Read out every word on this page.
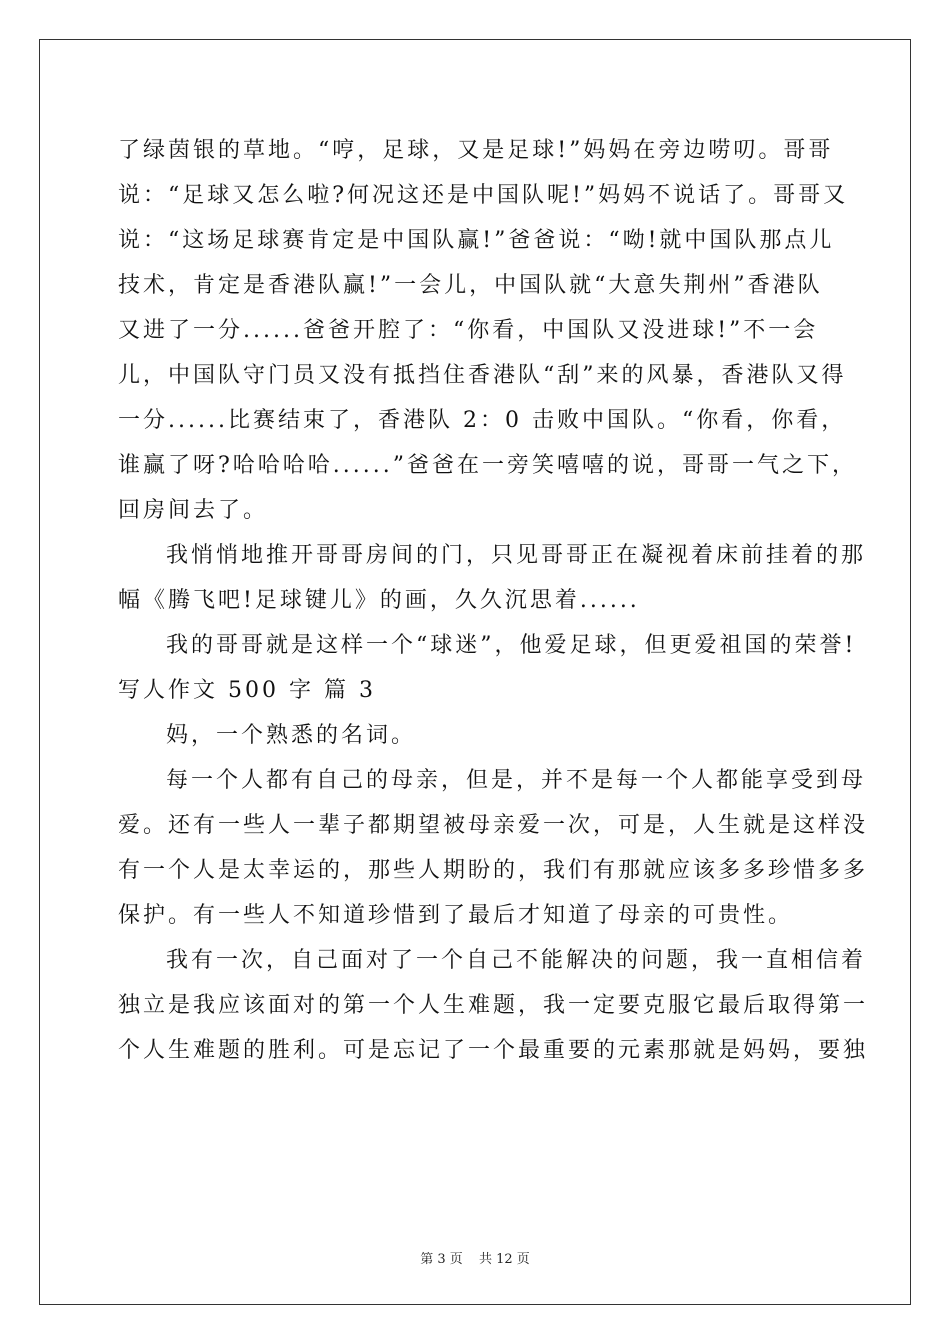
了绿茵银的草地。“哼，足球，又是足球!”妈妈在旁边唠叨。哥哥
说：“足球又怎么啦?何况这还是中国队呢!”妈妈不说话了。哥哥又
说：“这场足球赛肯定是中国队赢!”爸爸说：“呦!就中国队那点儿
技术，肯定是香港队赢!”一会儿，中国队就“大意失荆州”香港队
又进了一分......爸爸开腔了：“你看，中国队又没进球!”不一会
儿，中国队守门员又没有抵挡住香港队“刮”来的风暴，香港队又得
一分......比赛结束了，香港队 2：0 击败中国队。“你看，你看，
谁赢了呀?哈哈哈哈......”爸爸在一旁笑嘻嘻的说，哥哥一气之下，
回房间去了。

我悄悄地推开哥哥房间的门，只见哥哥正在凝视着床前挂着的那
幅《腾飞吧!足球键儿》的画，久久沉思着......

我的哥哥就是这样一个“球迷”，他爱足球，但更爱祖国的荣誉!

写人作文 500 字 篇 3

妈，一个熟悉的名词。

每一个人都有自己的母亲，但是，并不是每一个人都能享受到母
爱。还有一些人一辈子都期望被母亲爱一次，可是，人生就是这样没
有一个人是太幸运的，那些人期盼的，我们有那就应该多多珍惜多多
保护。有一些人不知道珍惜到了最后才知道了母亲的可贵性。

我有一次，自己面对了一个自己不能解决的问题，我一直相信着
独立是我应该面对的第一个人生难题，我一定要克服它最后取得第一
个人生难题的胜利。可是忘记了一个最重要的元素那就是妈妈，要独

第 3 页 共 12 页
